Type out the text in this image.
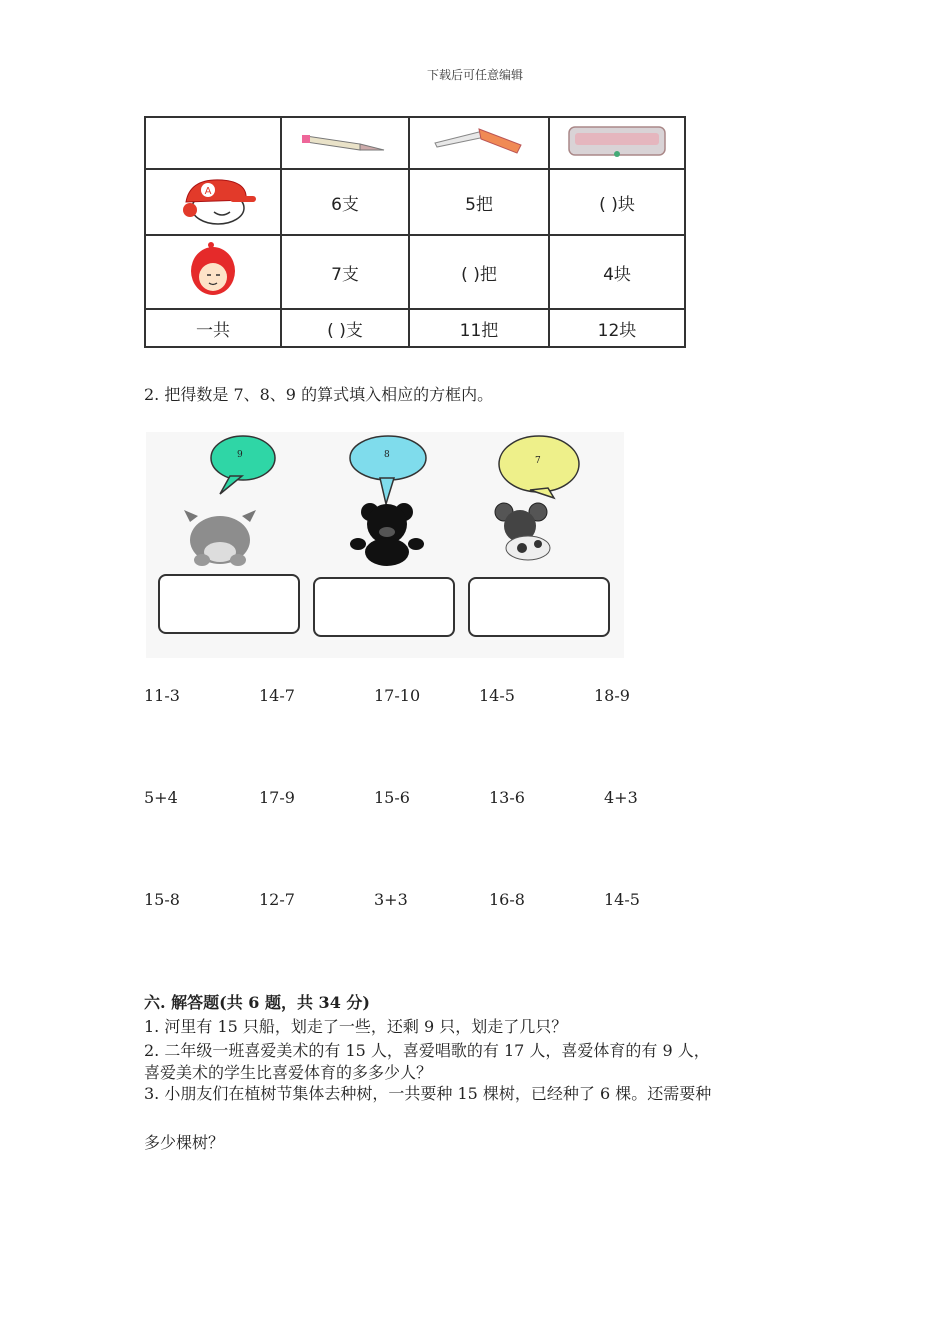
下载后可任意编辑

A	6支	5把	( )块
	7支	( )把	4块
一共	( )支	11把	12块
2. 把得数是 7、8、9 的算式填入相应的方框内。
9	8
7
11-3	14-7	17-10	14-5	18-9
5+4	17-9	15-6	13-6	4+3
15-8	12-7	3+3	16-8	14-5
六. 解答题(共 6 题，共 34 分)
1. 河里有 15 只船，划走了一些，还剩 9 只，划走了几只？
2. 二年级一班喜爱美术的有 15 人，喜爱唱歌的有 17 人，喜爱体育的有 9 人，
喜爱美术的学生比喜爱体育的多多少人？
3. 小朋友们在植树节集体去种树，一共要种 15 棵树，已经种了 6 棵。还需要种
多少棵树？
